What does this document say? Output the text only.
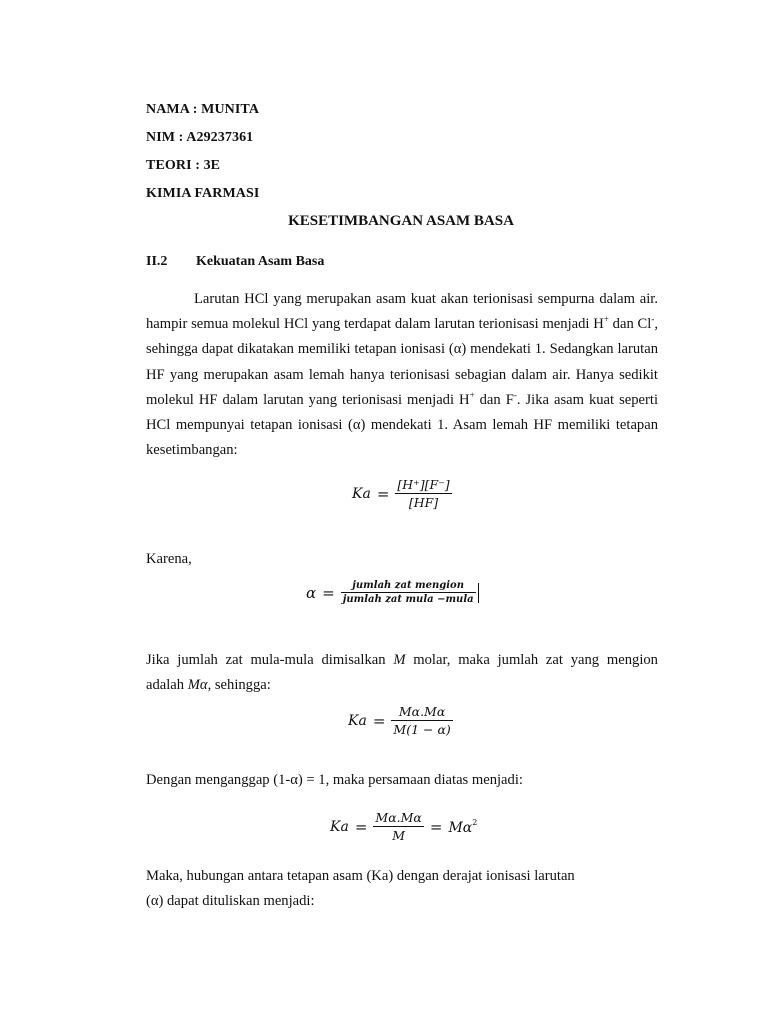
NAMA : MUNITA
NIM : A29237361
TEORI : 3E
KIMIA FARMASI
KESETIMBANGAN ASAM BASA
II.2 Kekuatan Asam Basa

Larutan HCl yang merupakan asam kuat akan terionisasi sempurna dalam air. hampir semua molekul HCl yang terdapat dalam larutan terionisasi menjadi H+ dan Cl-, sehingga dapat dikatakan memiliki tetapan ionisasi (α) mendekati 1. Sedangkan larutan HF yang merupakan asam lemah hanya terionisasi sebagian dalam air. Hanya sedikit molekul HF dalam larutan yang terionisasi menjadi H+ dan F-. Jika asam kuat seperti HCl mempunyai tetapan ionisasi (α) mendekati 1. Asam lemah HF memiliki tetapan kesetimbangan:

$Ka = \frac{[H^+][F^-]}{[HF]}$
Karena,
$\alpha = \frac{\text{jumlah zat mengion}}{\text{jumlah zat mula −mula}}$
Jika jumlah zat mula-mula dimisalkan M molar, maka jumlah zat yang mengion
adalah Mα, sehingga:
$Ka = \frac{M\alpha.M\alpha}{M(1 - \alpha)}$
Dengan menganggap (1-α) = 1, maka persamaan diatas menjadi:
$Ka = \frac{M\alpha.M\alpha}{M} = M\alpha^2$
Maka, hubungan antara tetapan asam (Ka) dengan derajat ionisasi larutan
(α) dapat dituliskan menjadi:
